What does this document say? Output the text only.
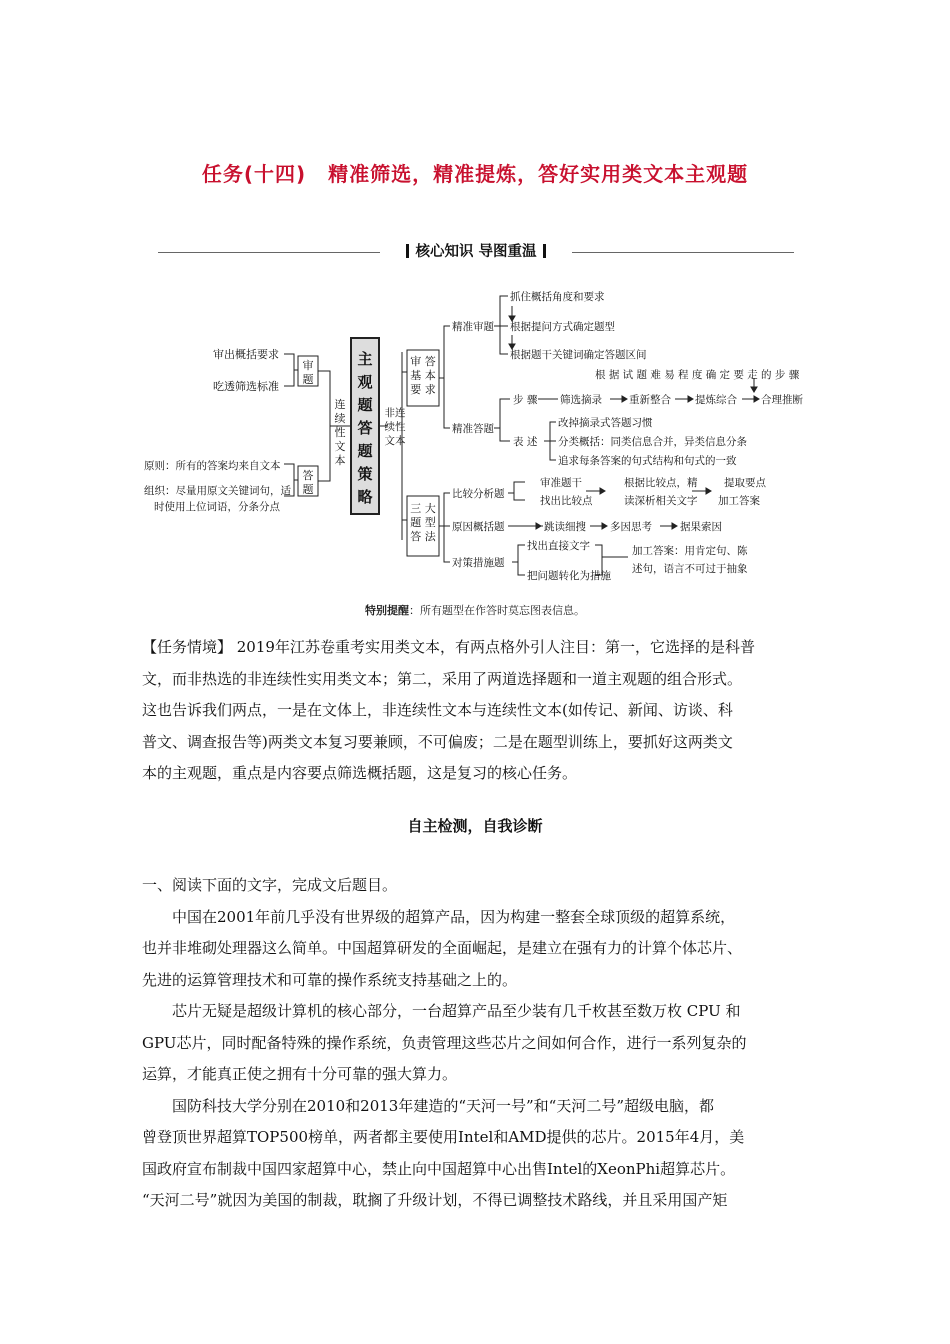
任务(十四) 精准筛选，精准提炼，答好实用类文本主观题
核心知识 导图重温
审出概括要求
吃透筛选标准
原则：所有的答案均来自文本
组织：尽量用原文关键词句，适
时使用上位词语，分条分点
审
题
答
题
连
续
性
文
本
主
观
题
答
题
策
略
非连
续性
文本
审 答
基 本
要 求
三 大
题 型
答 法
精准审题
抓住概括角度和要求
根据提问方式确定题型
根据题干关键词确定答题区间
精准答题
步 骤
根 据 试 题 难 易 程 度 确 定 要 走 的 步 骤
筛选摘录	重新整合 提炼综合 合理推断
表 述
改掉摘录式答题习惯
分类概括：同类信息合并，异类信息分条
追求每条答案的句式结构和句式的一致
比较分析题
审准题干
找出比较点
根据比较点，精
读深析相关文字
提取要点
加工答案
原因概括题	跳读细搜 多因思考	据果索因
对策措施题
找出直接文字
把问题转化为措施
加工答案：用肯定句、陈
述句，语言不可过于抽象
特别提醒：所有题型在作答时莫忘图表信息。
【任务情境】 2019年江苏卷重考实用类文本，有两点格外引人注目：第一，它选择的是科普
文，而非热选的非连续性实用类文本；第二，采用了两道选择题和一道主观题的组合形式。
这也告诉我们两点，一是在文体上，非连续性文本与连续性文本(如传记、新闻、访谈、科
普文、调查报告等)两类文本复习要兼顾，不可偏废；二是在题型训练上，要抓好这两类文
本的主观题，重点是内容要点筛选概括题，这是复习的核心任务。
自主检测，自我诊断
一、阅读下面的文字，完成文后题目。
中国在2001年前几乎没有世界级的超算产品，因为构建一整套全球顶级的超算系统，
也并非堆砌处理器这么简单。中国超算研发的全面崛起，是建立在强有力的计算个体芯片、
先进的运算管理技术和可靠的操作系统支持基础之上的。
芯片无疑是超级计算机的核心部分，一台超算产品至少装有几千枚甚至数万枚 CPU 和
GPU芯片，同时配备特殊的操作系统，负责管理这些芯片之间如何合作，进行一系列复杂的
运算，才能真正使之拥有十分可靠的强大算力。
国防科技大学分别在2010和2013年建造的“天河一号”和“天河二号”超级电脑，都
曾登顶世界超算TOP500榜单，两者都主要使用Intel和AMD提供的芯片。2015年4月，美
国政府宣布制裁中国四家超算中心，禁止向中国超算中心出售Intel的XeonPhi超算芯片。
“天河二号”就因为美国的制裁，耽搁了升级计划，不得已调整技术路线，并且采用国产矩
